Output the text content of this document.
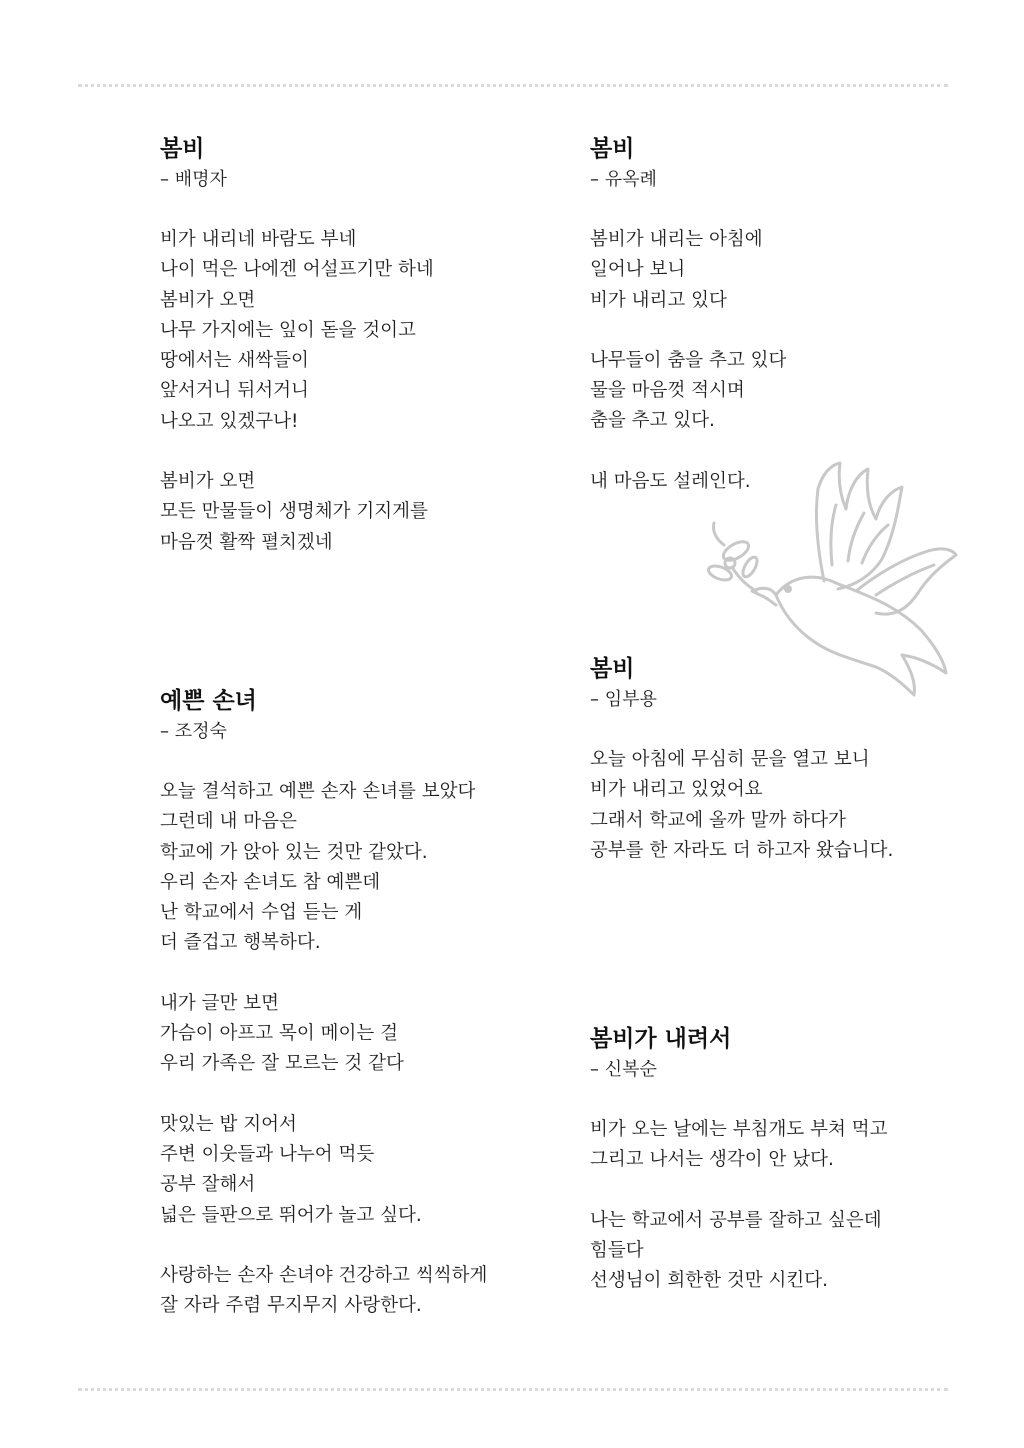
봄비
– 배명자
비가 내리네 바람도 부네
나이 먹은 나에겐 어설프기만 하네
봄비가 오면
나무 가지에는 잎이 돋을 것이고
땅에서는 새싹들이
앞서거니 뒤서거니
나오고 있겠구나!
봄비가 오면
모든 만물들이 생명체가 기지게를
마음껏 활짝 펼치겠네
봄비
– 유옥례
봄비가 내리는 아침에
일어나 보니
비가 내리고 있다
나무들이 춤을 추고 있다
물을 마음껏 적시며
춤을 추고 있다.
내 마음도 설레인다.
봄비
– 임부용
오늘 아침에 무심히 문을 열고 보니
비가 내리고 있었어요
그래서 학교에 올까 말까 하다가
공부를 한 자라도 더 하고자 왔습니다.
예쁜 손녀
– 조정숙
오늘 결석하고 예쁜 손자 손녀를 보았다
그런데 내 마음은
학교에 가 앉아 있는 것만 같았다.
우리 손자 손녀도 참 예쁜데
난 학교에서 수업 듣는 게
더 즐겁고 행복하다.
내가 글만 보면
가슴이 아프고 목이 메이는 걸
우리 가족은 잘 모르는 것 같다
맛있는 밥 지어서
주변 이웃들과 나누어 먹듯
공부 잘해서
넓은 들판으로 뛰어가 놀고 싶다.
사랑하는 손자 손녀야 건강하고 씩씩하게
잘 자라 주렴 무지무지 사랑한다.
봄비가 내려서
– 신복순
비가 오는 날에는 부침개도 부쳐 먹고
그리고 나서는 생각이 안 났다.
나는 학교에서 공부를 잘하고 싶은데
힘들다
선생님이 희한한 것만 시킨다.
